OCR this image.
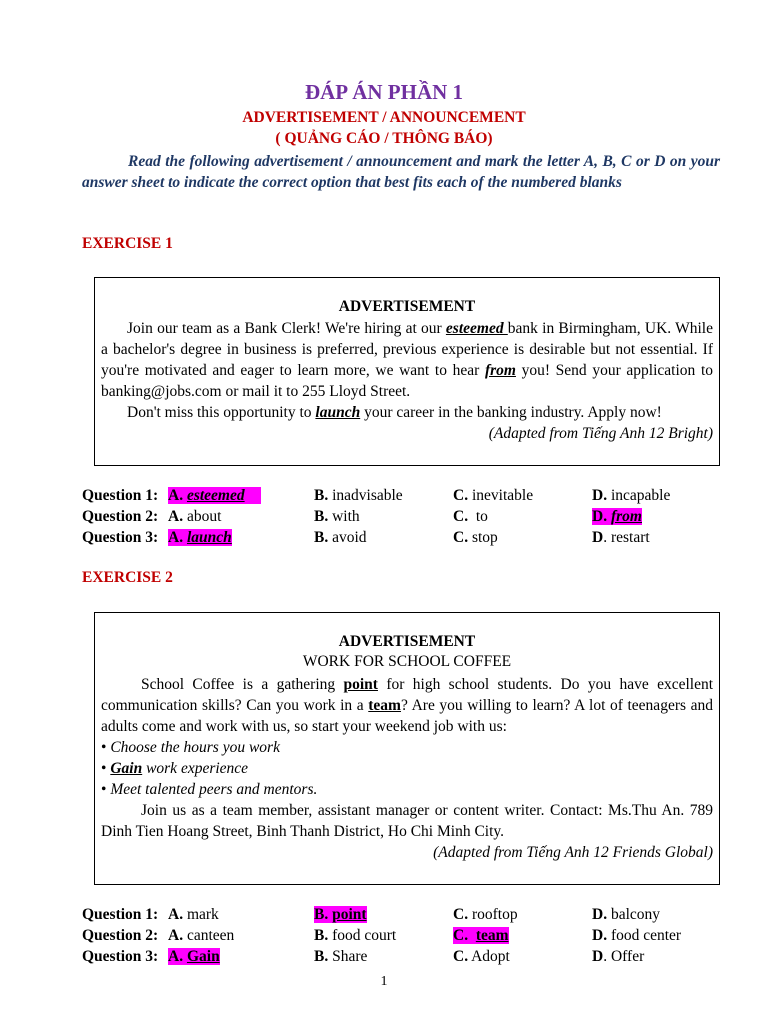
ĐÁP ÁN PHẦN 1
ADVERTISEMENT / ANNOUNCEMENT
( QUẢNG CÁO / THÔNG BÁO)
Read the following advertisement / announcement and mark the letter A, B, C or D on your answer sheet to indicate the correct option that best fits each of the numbered blanks
EXERCISE 1
ADVERTISEMENT
Join our team as a Bank Clerk! We're hiring at our esteemed bank in Birmingham, UK. While a bachelor's degree in business is preferred, previous experience is desirable but not essential. If you're motivated and eager to learn more, we want to hear from you! Send your application to banking@jobs.com or mail it to 255 Lloyd Street.
Don't miss this opportunity to launch your career in the banking industry. Apply now!
(Adapted from Tiếng Anh 12 Bright)
Question 1: A. esteemed	B. inadvisable	C. inevitable	D. incapable
Question 2: A. about	B. with	C. to	D. from
Question 3: A. launch	B. avoid	C. stop	D. restart
EXERCISE 2
ADVERTISEMENT
WORK FOR SCHOOL COFFEE
School Coffee is a gathering point for high school students. Do you have excellent communication skills? Can you work in a team? Are you willing to learn? A lot of teenagers and adults come and work with us, so start your weekend job with us:
• Choose the hours you work
• Gain work experience
• Meet talented peers and mentors.
Join us as a team member, assistant manager or content writer. Contact: Ms.Thu An. 789 Dinh Tien Hoang Street, Binh Thanh District, Ho Chi Minh City.
(Adapted from Tiếng Anh 12 Friends Global)
Question 1: A. mark	B. point	C. rooftop	D. balcony
Question 2: A. canteen	B. food court	C. team	D. food center
Question 3: A. Gain	B. Share	C. Adopt	D. Offer
1
